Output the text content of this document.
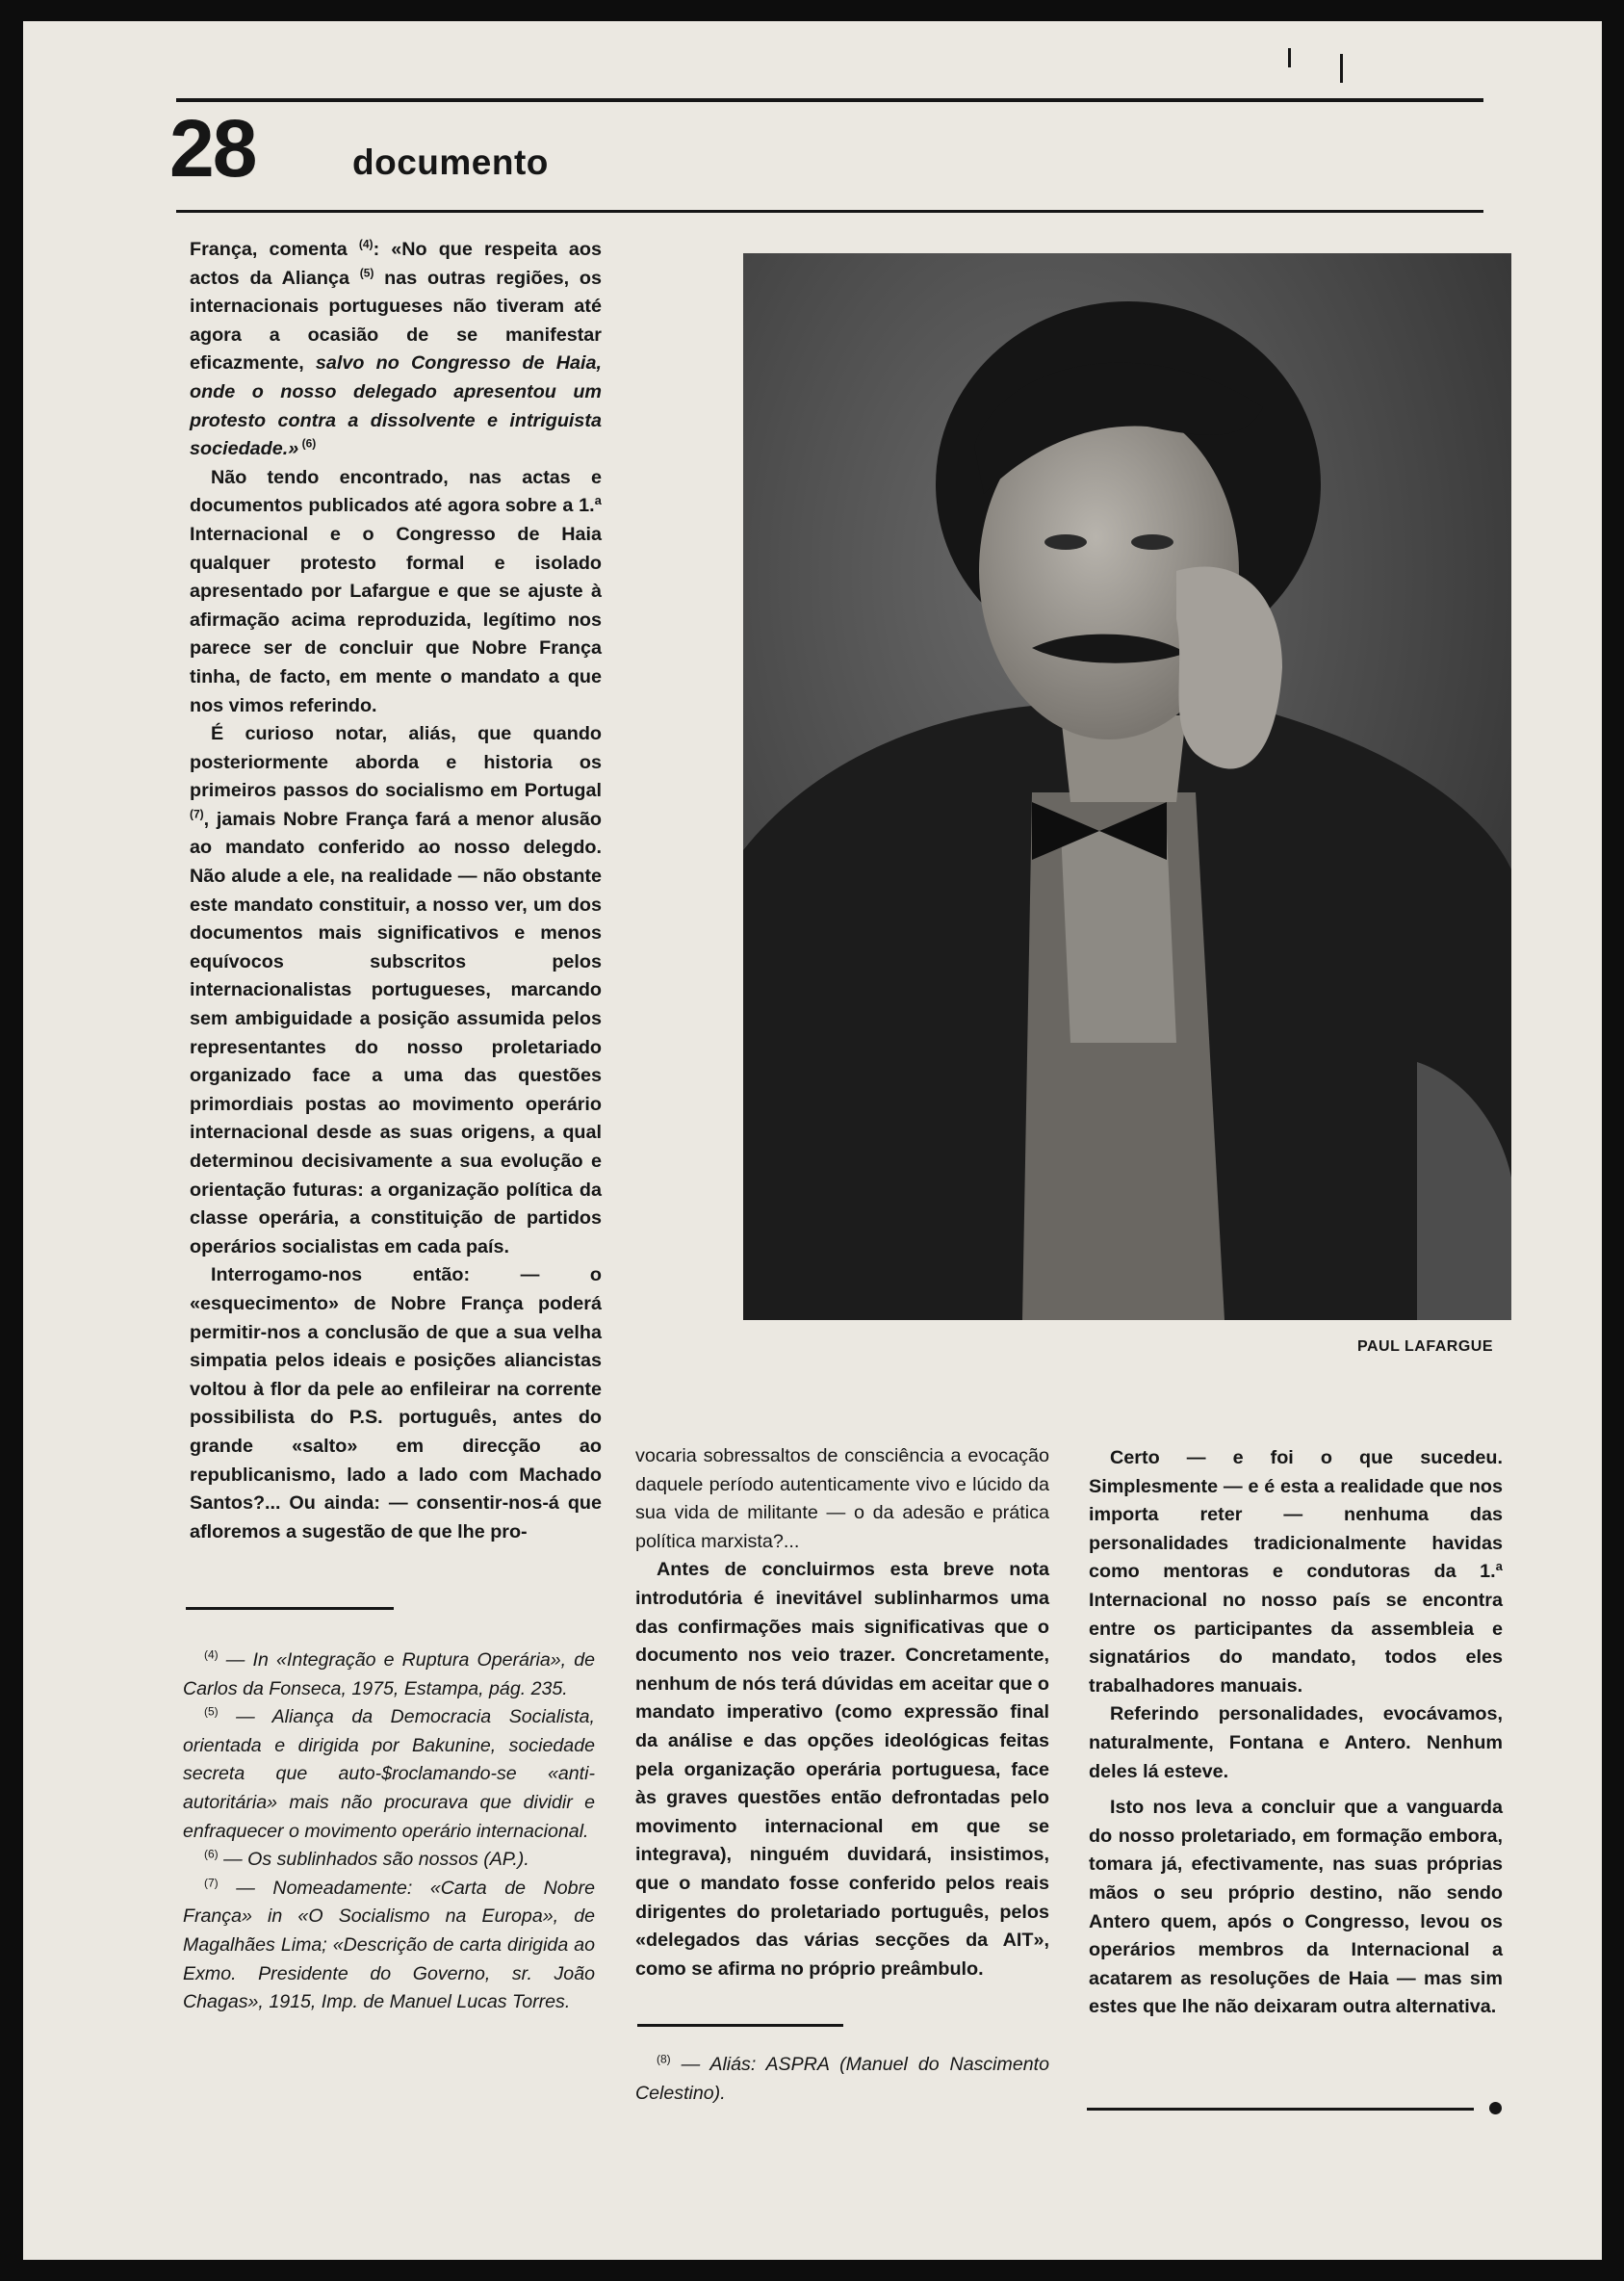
28	documento
PAUL LAFARGUE

França, comenta $^{(4)}$: «No que respeita aos actos da Aliança $^{(5)}$ nas outras regiões, os internacionais portugueses não tiveram até agora a ocasião de se manifestar eficazmente, salvo no Congresso de Haia, onde o nosso delegado apresentou um protesto contra a dissolvente e intriguista sociedade.» $^{(6)}$

Não tendo encontrado, nas actas e documentos publicados até agora sobre a 1.ª Internacional e o Congresso de Haia qualquer protesto formal e isolado apresentado por Lafargue e que se ajuste à afirmação acima reproduzida, legítimo nos parece ser de concluir que Nobre França tinha, de facto, em mente o mandato a que nos vimos referindo.

É curioso notar, aliás, que quando posteriormente aborda e historia os primeiros passos do socialismo em Portugal $^{(7)}$, jamais Nobre França fará a menor alusão ao mandato conferido ao nosso delegdo. Não alude a ele, na realidade — não obstante este mandato constituir, a nosso ver, um dos documentos mais significativos e menos equívocos subscritos pelos internacionalistas portugueses, marcando sem ambiguidade a posição assumida pelos representantes do nosso proletariado organizado face a uma das questões primordiais postas ao movimento operário internacional desde as suas origens, a qual determinou decisivamente a sua evolução e orientação futuras: a organização política da classe operária, a constituição de partidos operários socialistas em cada país.

Interrogamo-nos então: — o «esquecimento» de Nobre França poderá permitir-nos a conclusão de que a sua velha simpatia pelos ideais e posições aliancistas voltou à flor da pele ao enfileirar na corrente possibilista do P.S. português, antes do grande «salto» em direcção ao republicanismo, lado a lado com Machado Santos?... Ou ainda: — consentir-nos-á que afloremos a sugestão de que lhe pro-

$^{(4)}$ — In «Integração e Ruptura Operária», de Carlos da Fonseca, 1975, Estampa, pág. 235.

$^{(5)}$ — Aliança da Democracia Socialista, orientada e dirigida por Bakunine, sociedade secreta que auto-$roclamando-se «anti-autoritária» mais não procurava que dividir e enfraquecer o movimento operário internacional.

$^{(6)}$ — Os sublinhados são nossos (AP.).

$^{(7)}$ — Nomeadamente: «Carta de Nobre França» in «O Socialismo na Europa», de Magalhães Lima; «Descrição de carta dirigida ao Exmo. Presidente do Governo, sr. João Chagas», 1915, Imp. de Manuel Lucas Torres.

vocaria sobressaltos de consciência a evocação daquele período autenticamente vivo e lúcido da sua vida de militante — o da adesão e prática política marxista?...

Antes de concluirmos esta breve nota introdutória é inevitável sublinharmos uma das confirmações mais significativas que o documento nos veio trazer. Concretamente, nenhum de nós terá dúvidas em aceitar que o mandato imperativo (como expressão final da análise e das opções ideológicas feitas pela organização operária portuguesa, face às graves questões então defrontadas pelo movimento internacional em que se integrava), ninguém duvidará, insistimos, que o mandato fosse conferido pelos reais dirigentes do proletariado português, pelos «delegados das várias secções da AIT», como se afirma no próprio preâmbulo.

$^{(8)}$ — Aliás: ASPRA (Manuel do Nascimento Celestino).

Certo — e foi o que sucedeu. Simplesmente — e é esta a realidade que nos importa reter — nenhuma das personalidades tradicionalmente havidas como mentoras e condutoras da 1.ª Internacional no nosso país se encontra entre os participantes da assembleia e signatários do mandato, todos eles trabalhadores manuais.

Referindo personalidades, evocávamos, naturalmente, Fontana e Antero. Nenhum deles lá esteve.

Isto nos leva a concluir que a vanguarda do nosso proletariado, em formação embora, tomara já, efectivamente, nas suas próprias mãos o seu próprio destino, não sendo Antero quem, após o Congresso, levou os operários membros da Internacional a acatarem as resoluções de Haia — mas sim estes que lhe não deixaram outra alternativa.
